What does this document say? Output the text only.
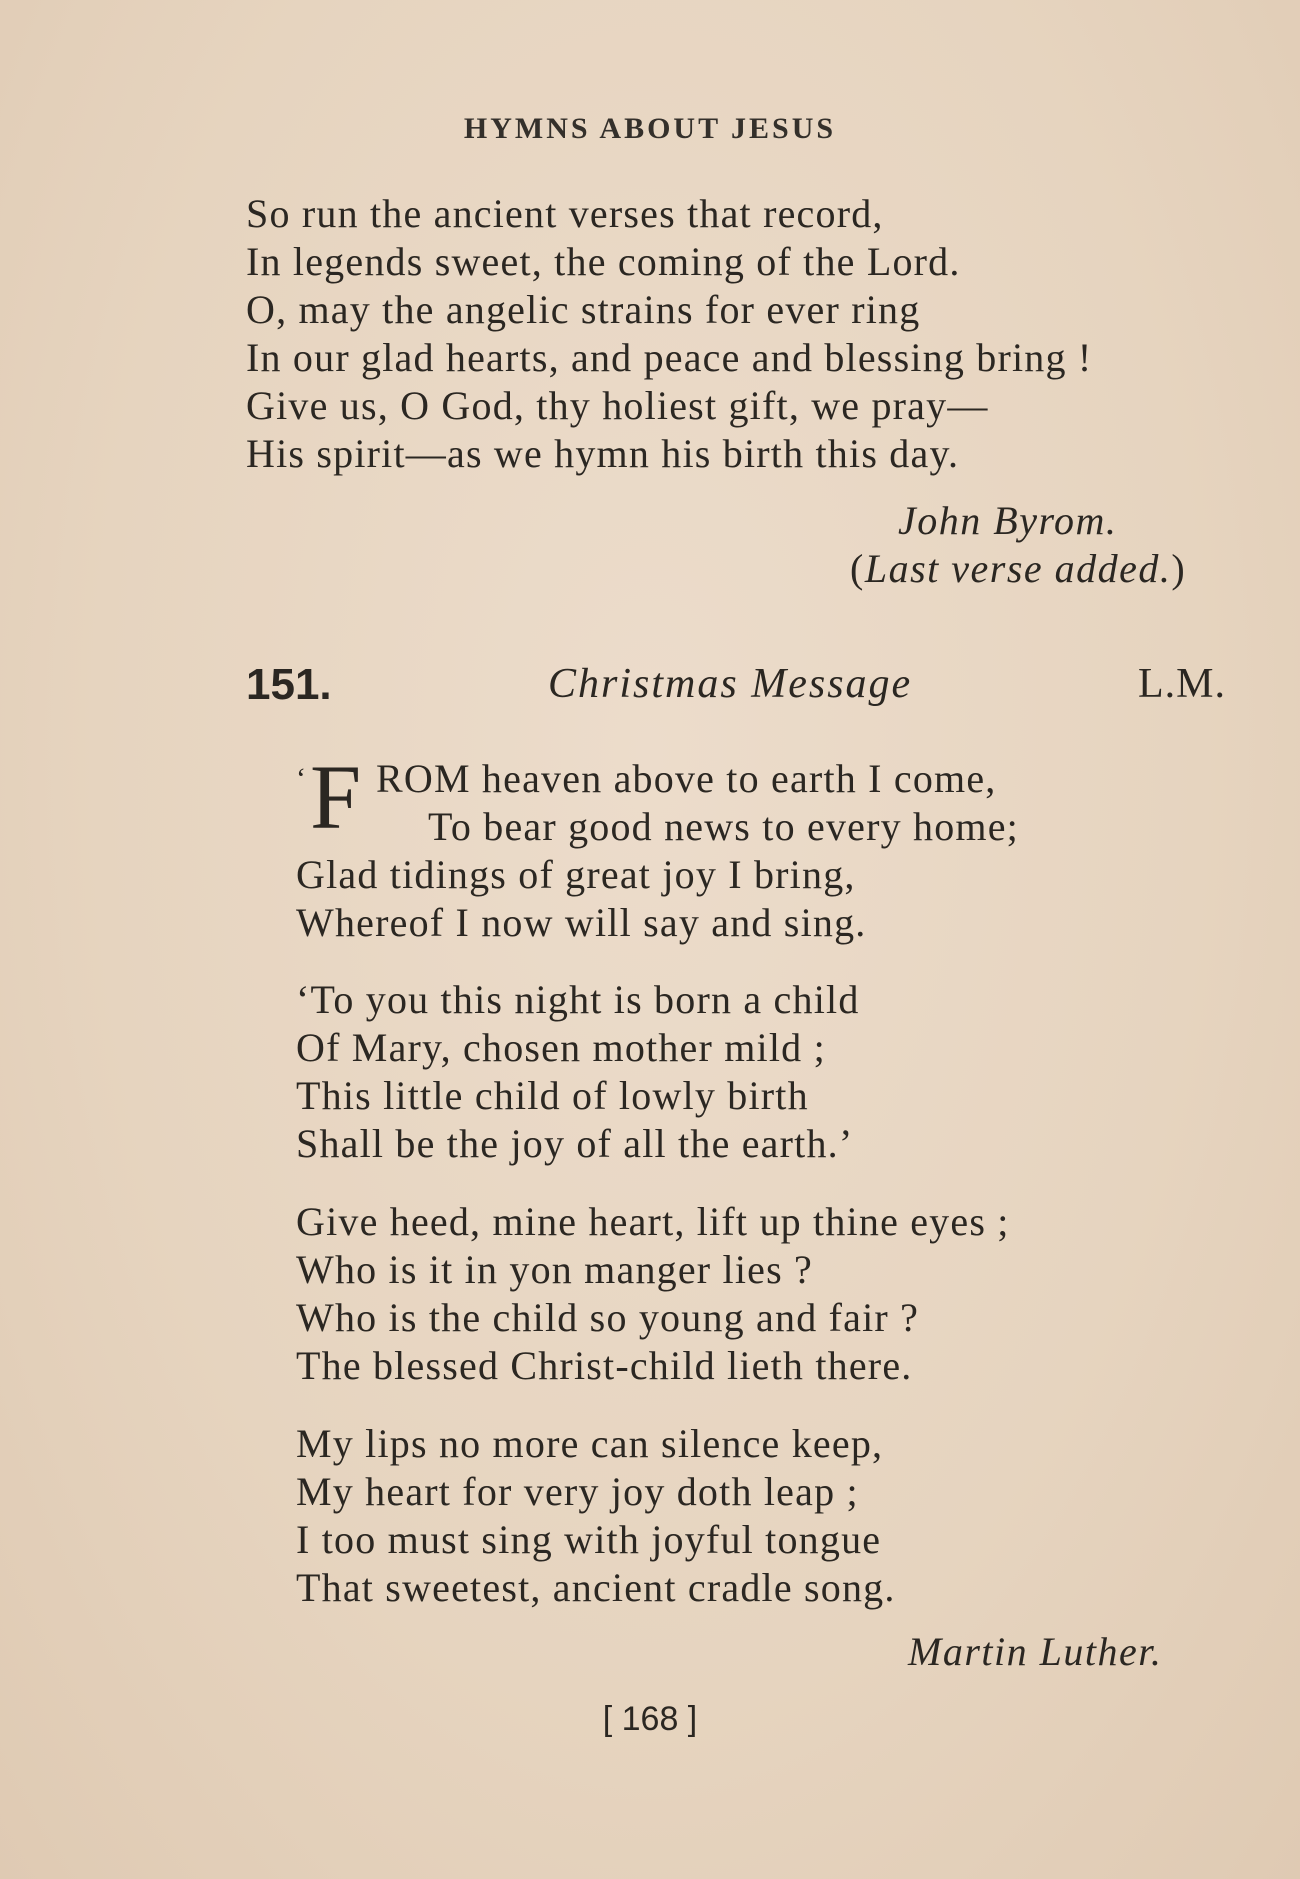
HYMNS ABOUT JESUS
So run the ancient verses that record,
In legends sweet, the coming of the Lord.
O, may the angelic strains for ever ring
In our glad hearts, and peace and blessing bring !
Give us, O God, thy holiest gift, we pray—
His spirit—as we hymn his birth this day.
John Byrom.
(Last verse added.)
151.	Christmas Message	L.M.
‘ F ROM heaven above to earth I come,
To bear good news to every home;
Glad tidings of great joy I bring,
Whereof I now will say and sing.
‘To you this night is born a child
Of Mary, chosen mother mild ;
This little child of lowly birth
Shall be the joy of all the earth.’
Give heed, mine heart, lift up thine eyes ;
Who is it in yon manger lies ?
Who is the child so young and fair ?
The blessed Christ-child lieth there.
My lips no more can silence keep,
My heart for very joy doth leap ;
I too must sing with joyful tongue
That sweetest, ancient cradle song.
Martin Luther.
[ 168 ]
